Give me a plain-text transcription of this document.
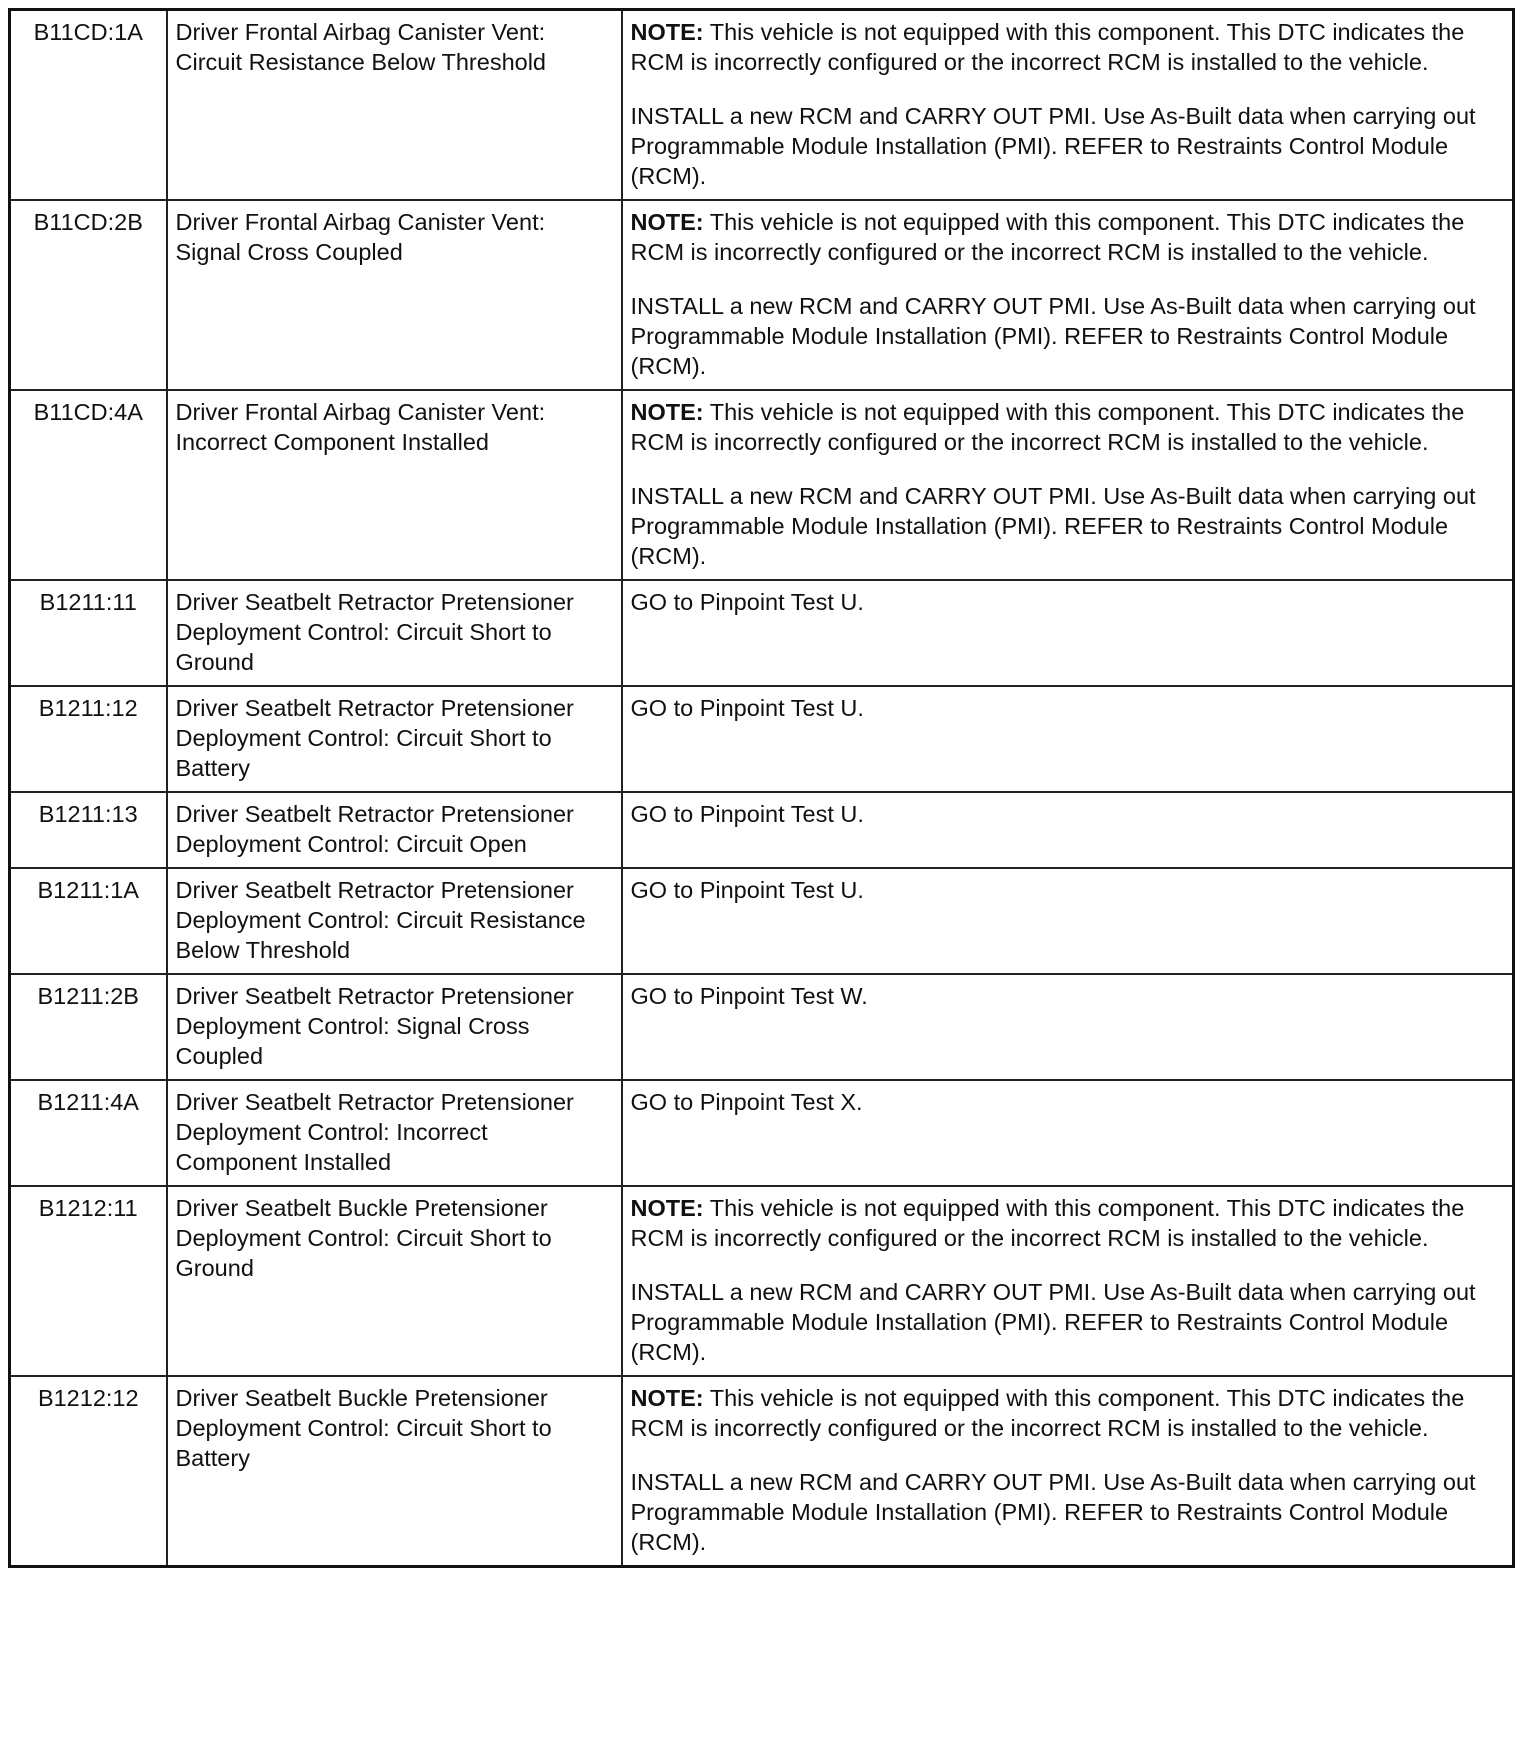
B11CD:1A	Driver Frontal Airbag Canister Vent: Circuit Resistance Below Threshold	NOTE: This vehicle is not equipped with this component. This DTC indicates the RCM is incorrectly configured or the incorrect RCM is installed to the vehicle.

INSTALL a new RCM and CARRY OUT PMI. Use As-Built data when carrying out Programmable Module Installation (PMI). REFER to Restraints Control Module (RCM).

B11CD:2B	Driver Frontal Airbag Canister Vent: Signal Cross Coupled	NOTE: This vehicle is not equipped with this component. This DTC indicates the RCM is incorrectly configured or the incorrect RCM is installed to the vehicle.

INSTALL a new RCM and CARRY OUT PMI. Use As-Built data when carrying out Programmable Module Installation (PMI). REFER to Restraints Control Module (RCM).

B11CD:4A	Driver Frontal Airbag Canister Vent: Incorrect Component Installed	NOTE: This vehicle is not equipped with this component. This DTC indicates the RCM is incorrectly configured or the incorrect RCM is installed to the vehicle.

INSTALL a new RCM and CARRY OUT PMI. Use As-Built data when carrying out Programmable Module Installation (PMI). REFER to Restraints Control Module (RCM).

B1211:11	Driver Seatbelt Retractor Pretensioner Deployment Control: Circuit Short to Ground	GO to Pinpoint Test U.
B1211:12	Driver Seatbelt Retractor Pretensioner Deployment Control: Circuit Short to Battery	GO to Pinpoint Test U.
B1211:13	Driver Seatbelt Retractor Pretensioner Deployment Control: Circuit Open	GO to Pinpoint Test U.
B1211:1A	Driver Seatbelt Retractor Pretensioner Deployment Control: Circuit Resistance Below Threshold	GO to Pinpoint Test U.
B1211:2B	Driver Seatbelt Retractor Pretensioner Deployment Control: Signal Cross Coupled	GO to Pinpoint Test W.
B1211:4A	Driver Seatbelt Retractor Pretensioner Deployment Control: Incorrect Component Installed	GO to Pinpoint Test X.
B1212:11	Driver Seatbelt Buckle Pretensioner Deployment Control: Circuit Short to Ground	NOTE: This vehicle is not equipped with this component. This DTC indicates the RCM is incorrectly configured or the incorrect RCM is installed to the vehicle.

INSTALL a new RCM and CARRY OUT PMI. Use As-Built data when carrying out Programmable Module Installation (PMI). REFER to Restraints Control Module (RCM).

B1212:12	Driver Seatbelt Buckle Pretensioner Deployment Control: Circuit Short to Battery	NOTE: This vehicle is not equipped with this component. This DTC indicates the RCM is incorrectly configured or the incorrect RCM is installed to the vehicle.

INSTALL a new RCM and CARRY OUT PMI. Use As-Built data when carrying out Programmable Module Installation (PMI). REFER to Restraints Control Module (RCM).
